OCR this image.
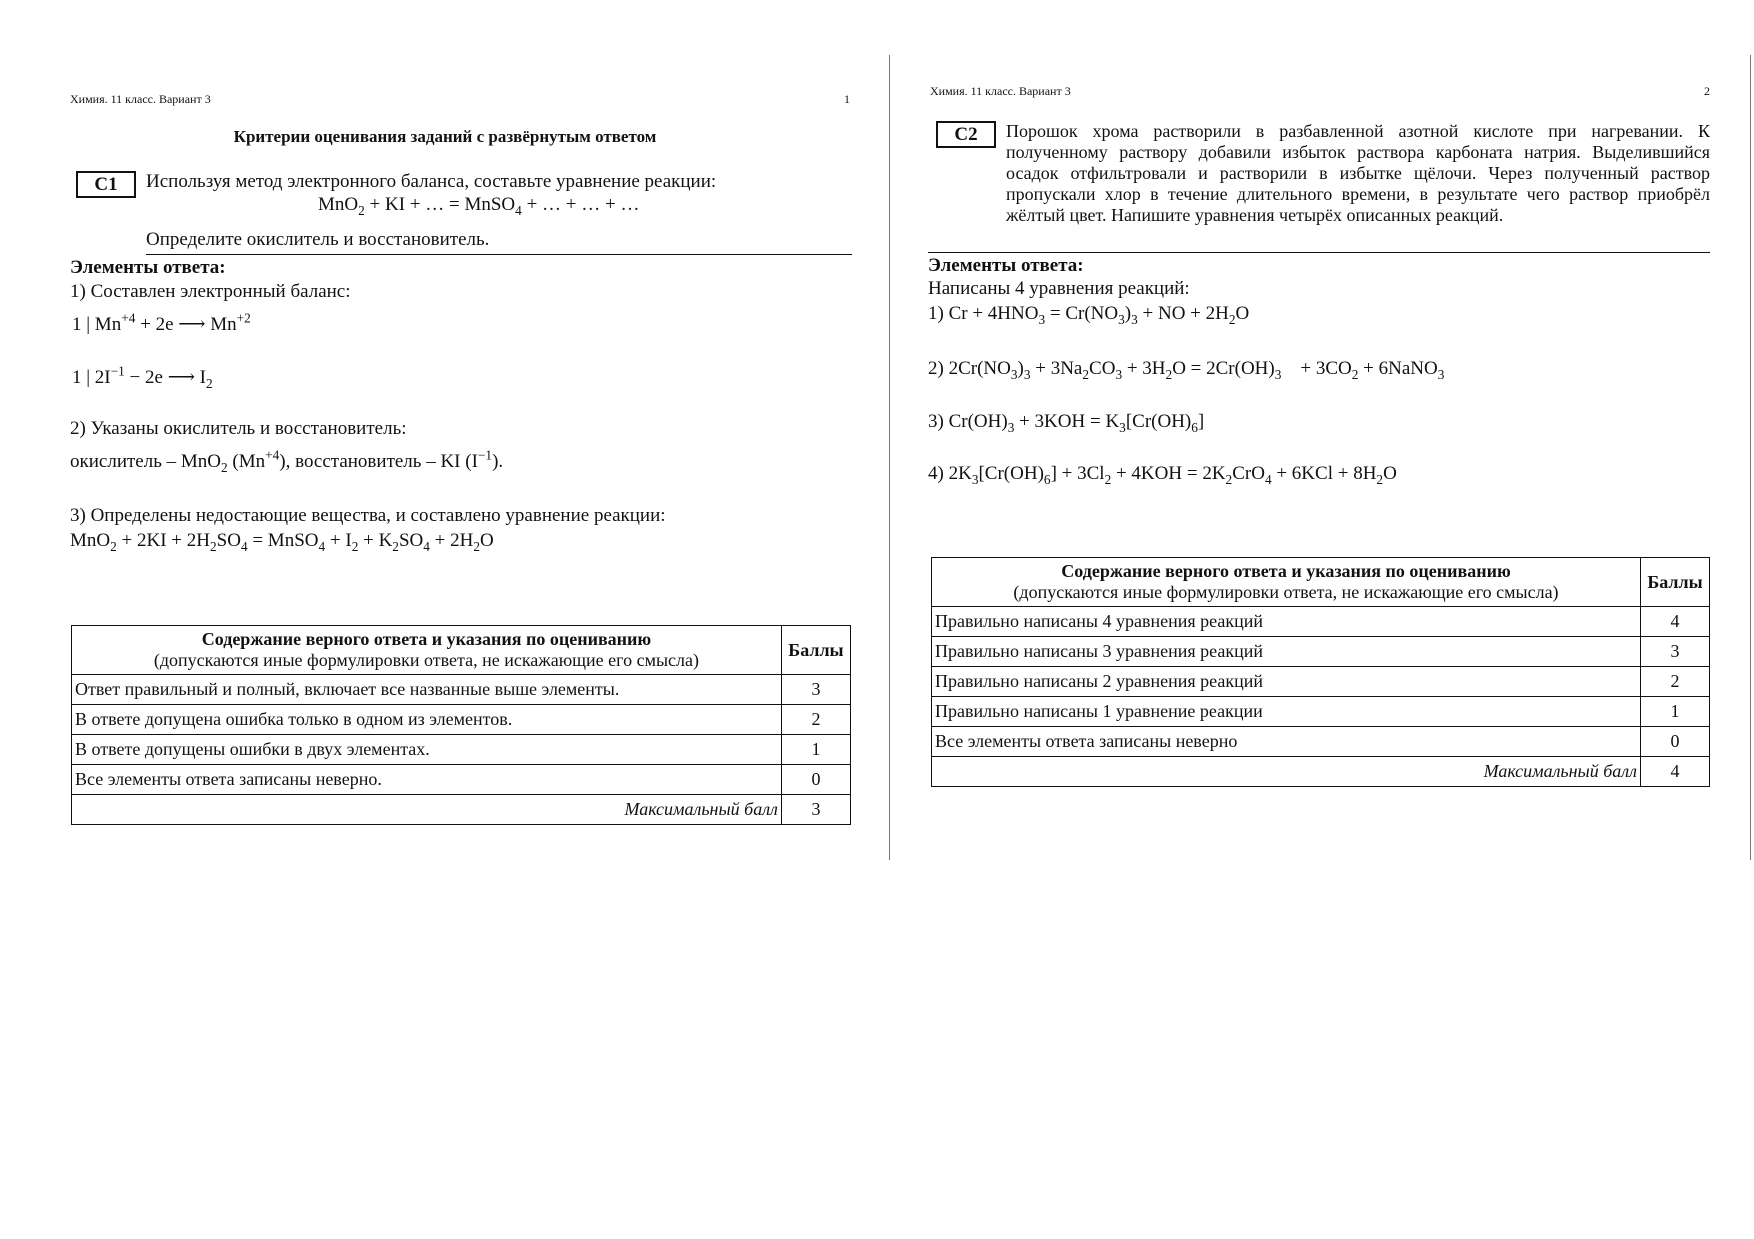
Химия. 11 класс. Вариант 3	1
Критерии оценивания заданий с развёрнутым ответом
C1	Используя метод электронного баланса, составьте уравнение реакции:
MnO$_2$ + KI + … = MnSO$_4$ + … + … + …
Определите окислитель и восстановитель.
Элементы ответа:
1) Составлен электронный баланс:
1 | $Mn^{+4} + 2e$ ⟶ $Mn^{+2}$
1 | $2I^{-1} - 2e$ ⟶ $I_2$
2) Указаны окислитель и восстановитель:
окислитель – MnO$_2$ $(Mn^{+4})$, восстановитель – KI $(I^{-1})$.
3) Определены недостающие вещества, и составлено уравнение реакции:
$MnO_2 + 2KI + 2H_2SO_4$ = MnSO$_4$ + $I_2 + K_2SO_4 + 2H_2O$
Содержание верного ответа и указания по оцениванию
(допускаются иные формулировки ответа, не искажающие его смысла)	Баллы
Ответ правильный и полный, включает все названные выше элементы.	3
В ответе допущена ошибка только в одном из элементов.	2
В ответе допущены ошибки в двух элементах.	1
Все элементы ответа записаны неверно.	0
Максимальный балл	3
Химия. 11 класс. Вариант 3	2
C2	Порошок хрома растворили в разбавленной азотной кислоте при нагревании. К полученному раствору добавили избыток раствора карбоната натрия. Выделившийся осадок отфильтровали и растворили в избытке щёлочи. Через полученный раствор пропускали хлор в течение длительного времени, в результате чего раствор приобрёл жёлтый цвет. Напишите уравнения четырёх описанных реакций.
Элементы ответа:
Написаны 4 уравнения реакций:
1) $Cr + 4HNO_3 = Cr(NO_3)_3$ + NO + $2H_2O$
2) $2Cr(NO_3)_3 + 3Na_2CO_3 + 3H_2O = 2Cr(OH)_3$    + $3CO_2$ + 6NaNO$_3$
3) $Cr(OH)_3 + 3KOH = K_3[Cr(OH)_6]$
4) $2K_3[Cr(OH)_6] + 3Cl_2 + 4KOH = 2K_2CrO_4 + 6KCl + 8H_2O$
Содержание верного ответа и указания по оцениванию
(допускаются иные формулировки ответа, не искажающие его смысла)	Баллы
Правильно написаны 4 уравнения реакций	4
Правильно написаны 3 уравнения реакций	3
Правильно написаны 2 уравнения реакций	2
Правильно написаны 1 уравнение реакции	1
Все элементы ответа записаны неверно	0
Максимальный балл	4
